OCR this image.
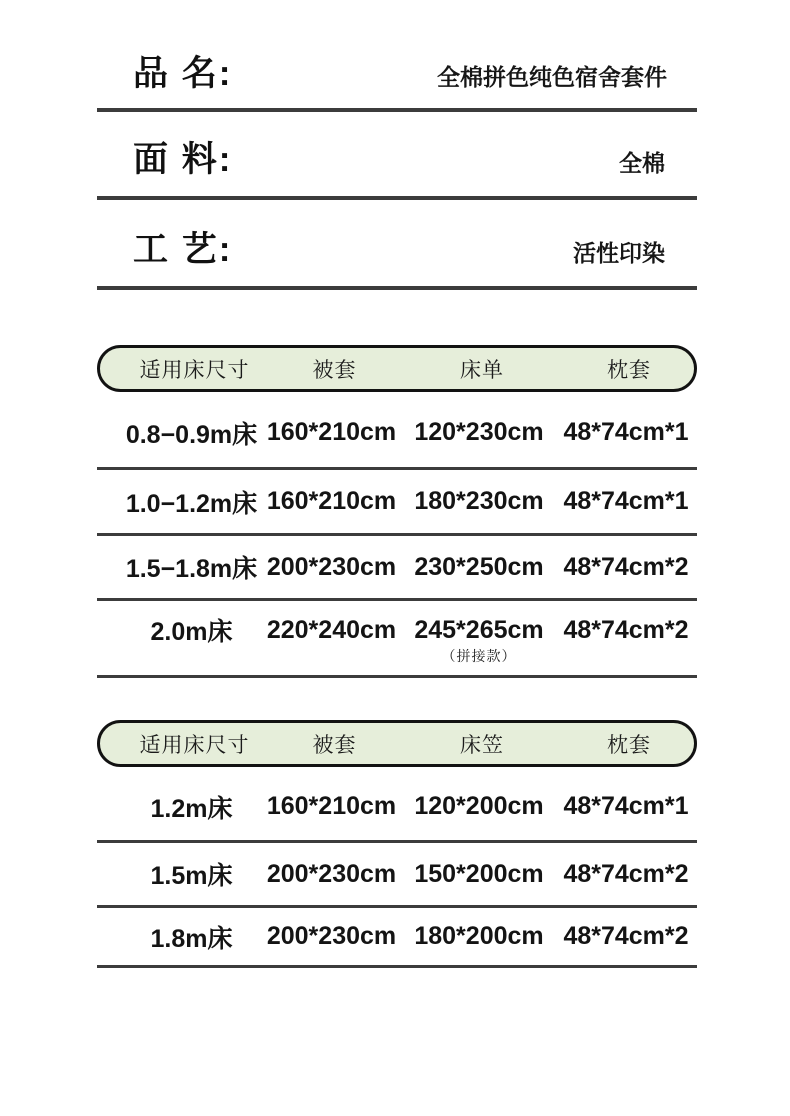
品 名:	全棉拼色纯色宿舍套件
面 料:	全棉
工 艺:	活性印染
适用床尺寸	被套	床单	枕套
0.8−0.9m床 160*210cm 120*230cm 48*74cm*1
1.0−1.2m床 160*210cm 180*230cm 48*74cm*1
1.5−1.8m床 200*230cm 230*250cm 48*74cm*2
2.0m床	220*240cm 245*265cm 48*74cm*2
（拼接款）
适用床尺寸	被套	床笠	枕套
1.2m床	160*210cm 120*200cm 48*74cm*1
1.5m床	200*230cm 150*200cm 48*74cm*2
1.8m床	200*230cm 180*200cm 48*74cm*2
